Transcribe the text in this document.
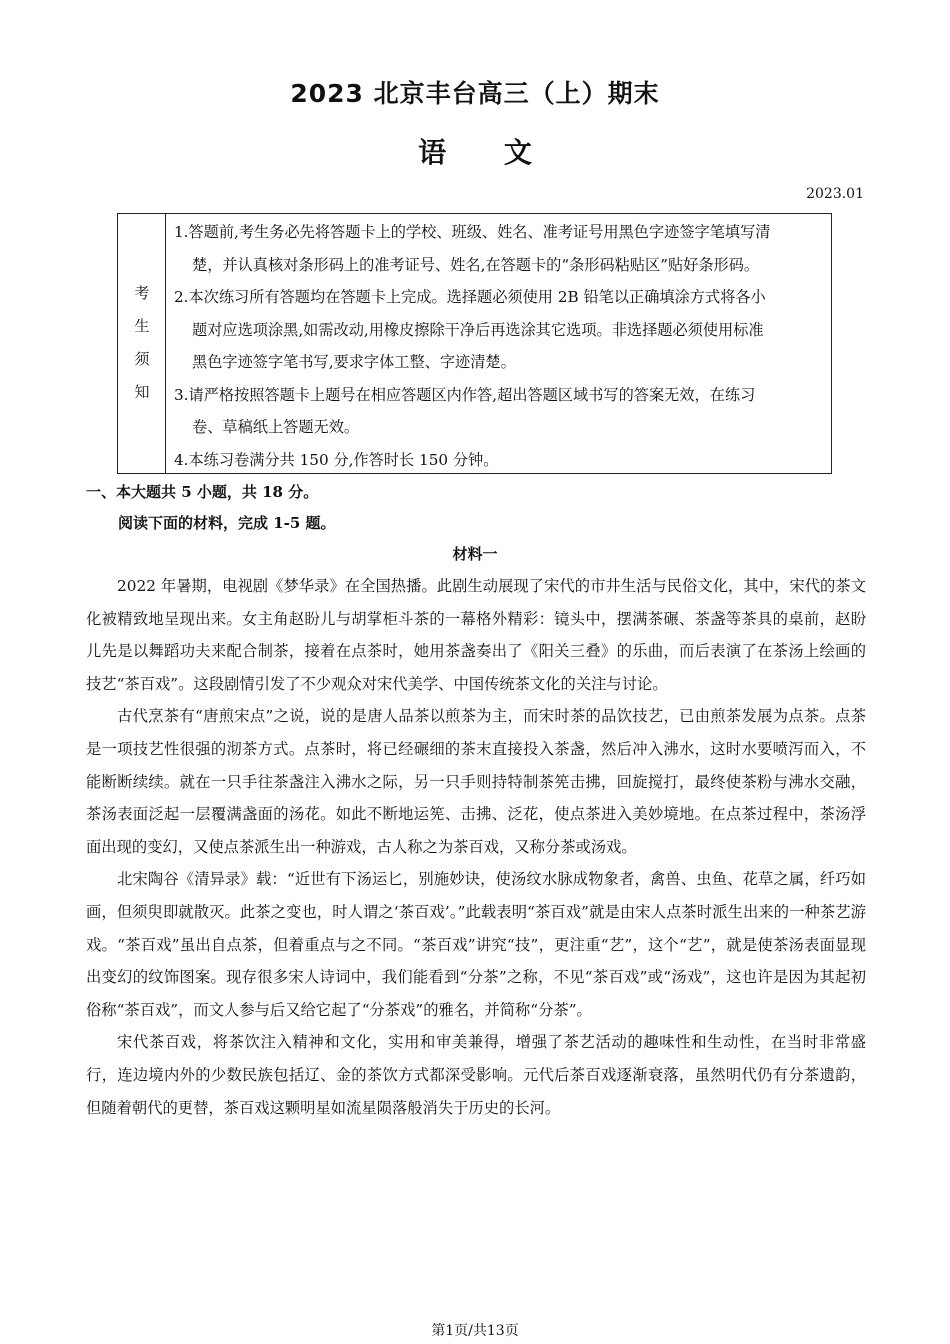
2023 北京丰台高三（上）期末
语 文
2023.01
考
生
须
知
1.答题前,考生务必先将答题卡上的学校、班级、姓名、准考证号用黑色字迹签字笔填写清
楚，并认真核对条形码上的准考证号、姓名,在答题卡的“条形码粘贴区”贴好条形码。
2.本次练习所有答题均在答题卡上完成。选择题必须使用 2B 铅笔以正确填涂方式将各小
题对应选项涂黑,如需改动,用橡皮擦除干净后再选涂其它选项。非选择题必须使用标准
黑色字迹签字笔书写,要求字体工整、字迹清楚。
3.请严格按照答题卡上题号在相应答题区内作答,超出答题区域书写的答案无效，在练习
卷、草稿纸上答题无效。
4.本练习卷满分共 150 分,作答时长 150 分钟。
一、本大题共 5 小题，共 18 分。
阅读下面的材料，完成 1-5 题。
材料一

2022 年暑期，电视剧《梦华录》在全国热播。此剧生动展现了宋代的市井生活与民俗文化，其中，宋代的茶文化被精致地呈现出来。女主角赵盼儿与胡掌柜斗茶的一幕格外精彩：镜头中，摆满茶碾、茶盏等茶具的桌前，赵盼儿先是以舞蹈功夫来配合制茶，接着在点茶时，她用茶盏奏出了《阳关三叠》的乐曲，而后表演了在茶汤上绘画的技艺“茶百戏”。这段剧情引发了不少观众对宋代美学、中国传统茶文化的关注与讨论。

古代烹茶有“唐煎宋点”之说，说的是唐人品茶以煎茶为主，而宋时茶的品饮技艺，已由煎茶发展为点茶。点茶是一项技艺性很强的沏茶方式。点茶时，将已经碾细的茶末直接投入茶盏，然后冲入沸水，这时水要喷泻而入，不能断断续续。就在一只手往茶盏注入沸水之际，另一只手则持特制茶筅击拂，回旋搅打，最终使茶粉与沸水交融，茶汤表面泛起一层覆满盏面的汤花。如此不断地运筅、击拂、泛花，使点茶进入美妙境地。在点茶过程中，茶汤浮面出现的变幻，又使点茶派生出一种游戏，古人称之为茶百戏，又称分茶或汤戏。

北宋陶谷《清异录》载：“近世有下汤运匕，别施妙诀，使汤纹水脉成物象者，禽兽、虫鱼、花草之属，纤巧如画，但须臾即就散灭。此茶之变也，时人谓之‘茶百戏’。”此载表明“茶百戏”就是由宋人点茶时派生出来的一种茶艺游戏。“茶百戏”虽出自点茶，但着重点与之不同。“茶百戏”讲究“技”，更注重“艺”，这个“艺”，就是使茶汤表面显现出变幻的纹饰图案。现存很多宋人诗词中，我们能看到“分茶”之称，不见“茶百戏”或“汤戏”，这也许是因为其起初俗称“茶百戏”，而文人参与后又给它起了“分茶戏”的雅名，并简称“分茶”。

宋代茶百戏，将茶饮注入精神和文化，实用和审美兼得，增强了茶艺活动的趣味性和生动性，在当时非常盛行，连边境内外的少数民族包括辽、金的茶饮方式都深受影响。元代后茶百戏逐渐衰落，虽然明代仍有分茶遗韵，但随着朝代的更替，茶百戏这颗明星如流星陨落般消失于历史的长河。

第1页/共13页
